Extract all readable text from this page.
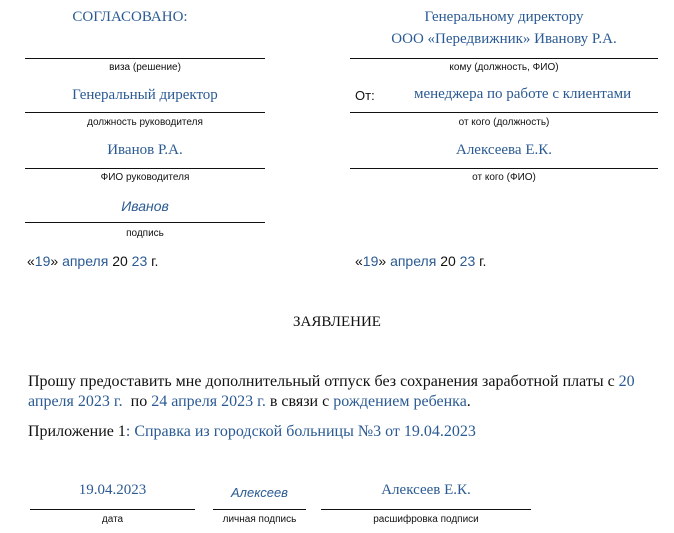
СОГЛАСОВАНО:
виза (решение)
Генеральный директор
должность руководителя
Иванов Р.А.
ФИО руководителя
Иванов
подпись
«19» апреля 20 23 г.
Генеральному директору
ООО «Передвижник» Иванову Р.А.
кому (должность, ФИО)
От:	менеджера по работе с клиентами
от кого (должность)
Алексеева Е.К.
от кого (ФИО)
«19» апреля 20 23 г.
ЗАЯВЛЕНИЕ
Прошу предоставить мне дополнительный отпуск без сохранения заработной платы с 20
апреля 2023 г. по 24 апреля 2023 г. в связи с рождением ребенка.
Приложение 1: Справка из городской больницы №3 от 19.04.2023
19.04.2023
дата
Алексеев
личная подпись
Алексеев Е.К.
расшифровка подписи
